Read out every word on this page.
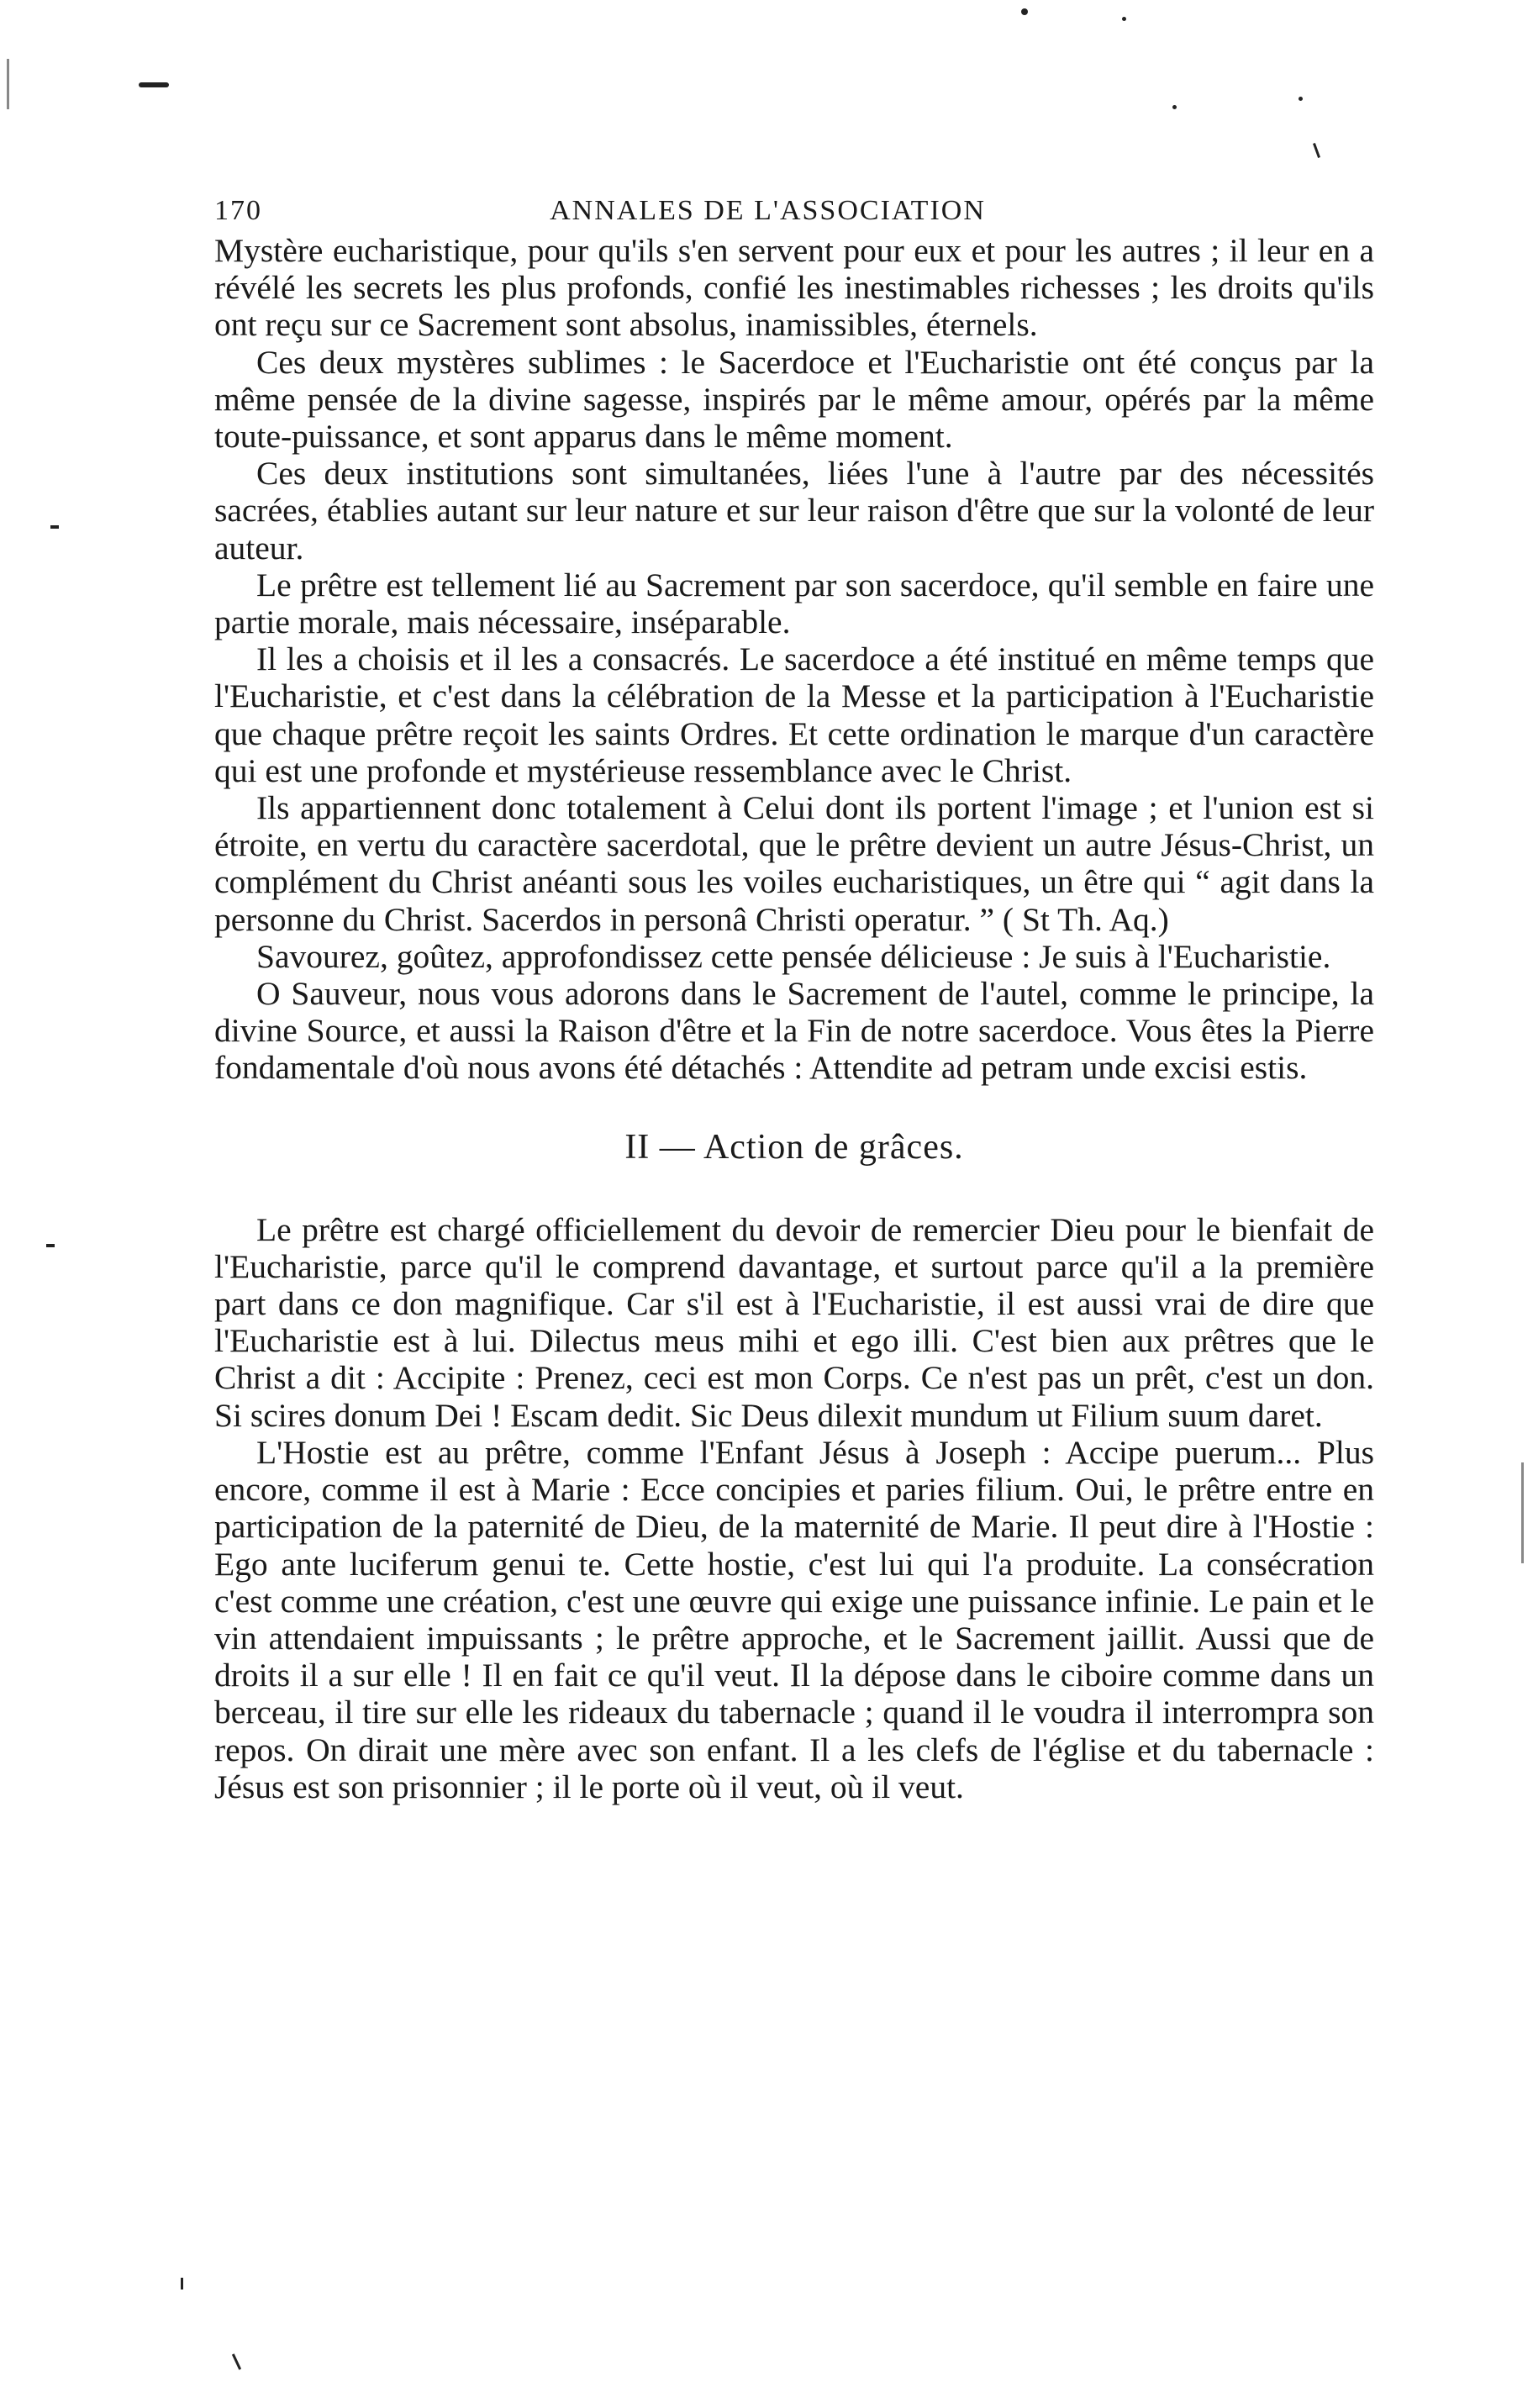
170	ANNALES DE L'ASSOCIATION

Mystère eucharistique, pour qu'ils s'en servent pour eux et pour les autres ; il leur en a révélé les secrets les plus profonds, confié les inestimables richesses ; les droits qu'ils ont reçu sur ce Sacrement sont absolus, inamissibles, éternels.

Ces deux mystères sublimes : le Sacerdoce et l'Eucharistie ont été conçus par la même pensée de la divine sagesse, inspirés par le même amour, opérés par la même toute-puissance, et sont apparus dans le même moment.

Ces deux institutions sont simultanées, liées l'une à l'autre par des nécessités sacrées, établies autant sur leur nature et sur leur raison d'être que sur la volonté de leur auteur.

Le prêtre est tellement lié au Sacrement par son sacerdoce, qu'il semble en faire une partie morale, mais nécessaire, inséparable.

Il les a choisis et il les a consacrés. Le sacerdoce a été institué en même temps que l'Eucharistie, et c'est dans la célébration de la Messe et la participation à l'Eucharistie que chaque prêtre reçoit les saints Ordres. Et cette ordination le marque d'un caractère qui est une profonde et mystérieuse ressemblance avec le Christ.

Ils appartiennent donc totalement à Celui dont ils portent l'image ; et l'union est si étroite, en vertu du caractère sacerdotal, que le prêtre devient un autre Jésus-Christ, un complément du Christ anéanti sous les voiles eucharistiques, un être qui “ agit dans la personne du Christ. Sacerdos in personâ Christi operatur. ” ( St Th. Aq.)

Savourez, goûtez, approfondissez cette pensée délicieuse : Je suis à l'Eucharistie.

O Sauveur, nous vous adorons dans le Sacrement de l'autel, comme le principe, la divine Source, et aussi la Raison d'être et la Fin de notre sacerdoce. Vous êtes la Pierre fondamentale d'où nous avons été détachés : Attendite ad petram unde excisi estis.

II — Action de grâces.

Le prêtre est chargé officiellement du devoir de remercier Dieu pour le bienfait de l'Eucharistie, parce qu'il le comprend davantage, et surtout parce qu'il a la première part dans ce don magnifique. Car s'il est à l'Eucharistie, il est aussi vrai de dire que l'Eucharistie est à lui. Dilectus meus mihi et ego illi. C'est bien aux prêtres que le Christ a dit : Accipite : Prenez, ceci est mon Corps. Ce n'est pas un prêt, c'est un don. Si scires donum Dei ! Escam dedit. Sic Deus dilexit mundum ut Filium suum daret.

L'Hostie est au prêtre, comme l'Enfant Jésus à Joseph : Accipe puerum... Plus encore, comme il est à Marie : Ecce concipies et paries filium. Oui, le prêtre entre en participation de la paternité de Dieu, de la maternité de Marie. Il peut dire à l'Hostie : Ego ante luciferum genui te. Cette hostie, c'est lui qui l'a produite. La consécration c'est comme une création, c'est une œuvre qui exige une puissance infinie. Le pain et le vin attendaient impuissants ; le prêtre approche, et le Sacrement jaillit. Aussi que de droits il a sur elle ! Il en fait ce qu'il veut. Il la dépose dans le ciboire comme dans un berceau, il tire sur elle les rideaux du tabernacle ; quand il le voudra il interrompra son repos. On dirait une mère avec son enfant. Il a les clefs de l'église et du tabernacle : Jésus est son prisonnier ; il le porte où il veut, où il veut.
